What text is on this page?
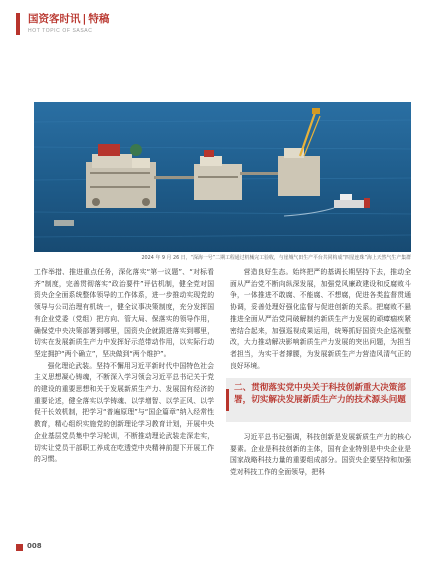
国资客时讯 | 特稿
HOT TOPIC OF SASAC
2024 年 9 月 26 日，“深海一号”二期工程通过机械完工验收，与崖城气田生产平台共同构成“四星连珠”海上天然气生产集群

工作举措、推进重点任务，深化落实“第一议题”、“对标看齐”制度，完善贯彻落实“政治要件”评估机制，健全党对国资央企全面系统整体领导的工作体系，进一步推动实现党的领导与公司治理有机统一，健全议事决策制度，充分发挥国有企业党委（党组）把方向、管大局、保落实的领导作用，确保党中央决策部署到哪里，国资央企就跟进落实到哪里，切实在发展新质生产力中发挥好示范带动作用，以实际行动坚定拥护“两个确立”，坚决做到“两个维护”。

强化理论武装。坚持不懈用习近平新时代中国特色社会主义思想凝心铸魂，不断深入学习领会习近平总书记关于党的建设的重要思想和关于发展新质生产力、发展国有经济的重要论述，健全落实以学铸魂、以学增智、以学正风、以学促干长效机制，把学习“普遍原理”与“国企篇章”纳入经常性教育，精心组织实施党的创新理论学习教育计划，开展中央企业基层党员集中学习轮训，不断推动理论武装走深走实，切实让党员干部职工养成在吃透党中央精神前提下开展工作的习惯。

营造良好生态。始终把严的基调长期坚持下去，推动全面从严治党不断向纵深发展，加强党风廉政建设和反腐败斗争，一体推进不敢腐、不能腐、不想腐，促进各类监督贯通协调，妥善处理好强化监督与促进创新的关系。把腐败不悬推进全面从严治党同破解制约新质生产力发展的顽瘴痼疾紧密结合起来，加强巡视成果运用，统筹抓好国资央企巡视整改，大力推动解决影响新质生产力发展的突出问题，为担当者担当，为实干者撑腰，为发展新质生产力营造风清气正的良好环境。

二、贯彻落实党中央关于科技创新重大决策部署，切实解决发展新质生产力的技术源头问题

习近平总书记强调，科技创新是发展新质生产力的核心要素。企业是科技创新的主体，国有企业特别是中央企业是国家战略科技力量的重要组成部分。国资央企要坚持和加强党对科技工作的全面领导，把科

008
